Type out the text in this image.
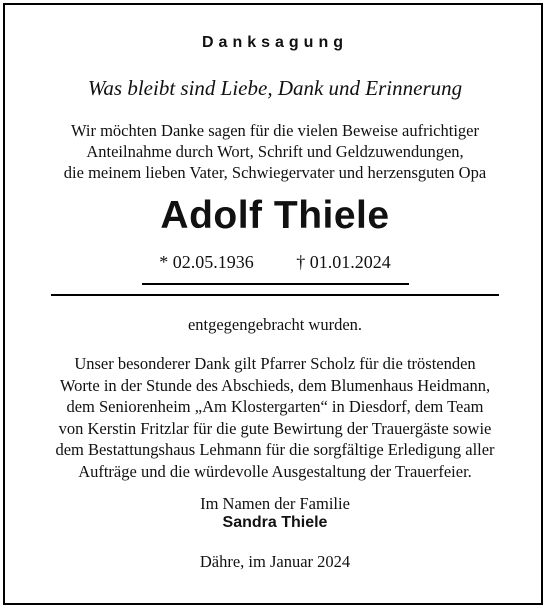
Danksagung
Was bleibt sind Liebe, Dank und Erinnerung
Wir möchten Danke sagen für die vielen Beweise aufrichtiger
Anteilnahme durch Wort, Schrift und Geldzuwendungen,
die meinem lieben Vater, Schwiegervater und herzensguten Opa
Adolf Thiele
* 02.05.1936 † 01.01.2024
entgegengebracht wurden.
Unser besonderer Dank gilt Pfarrer Scholz für die tröstenden
Worte in der Stunde des Abschieds, dem Blumenhaus Heidmann,
dem Seniorenheim „Am Klostergarten“ in Diesdorf, dem Team
von Kerstin Fritzlar für die gute Bewirtung der Trauergäste sowie
dem Bestattungshaus Lehmann für die sorgfältige Erledigung aller
Aufträge und die würdevolle Ausgestaltung der Trauerfeier.
Im Namen der Familie
Sandra Thiele
Dähre, im Januar 2024
